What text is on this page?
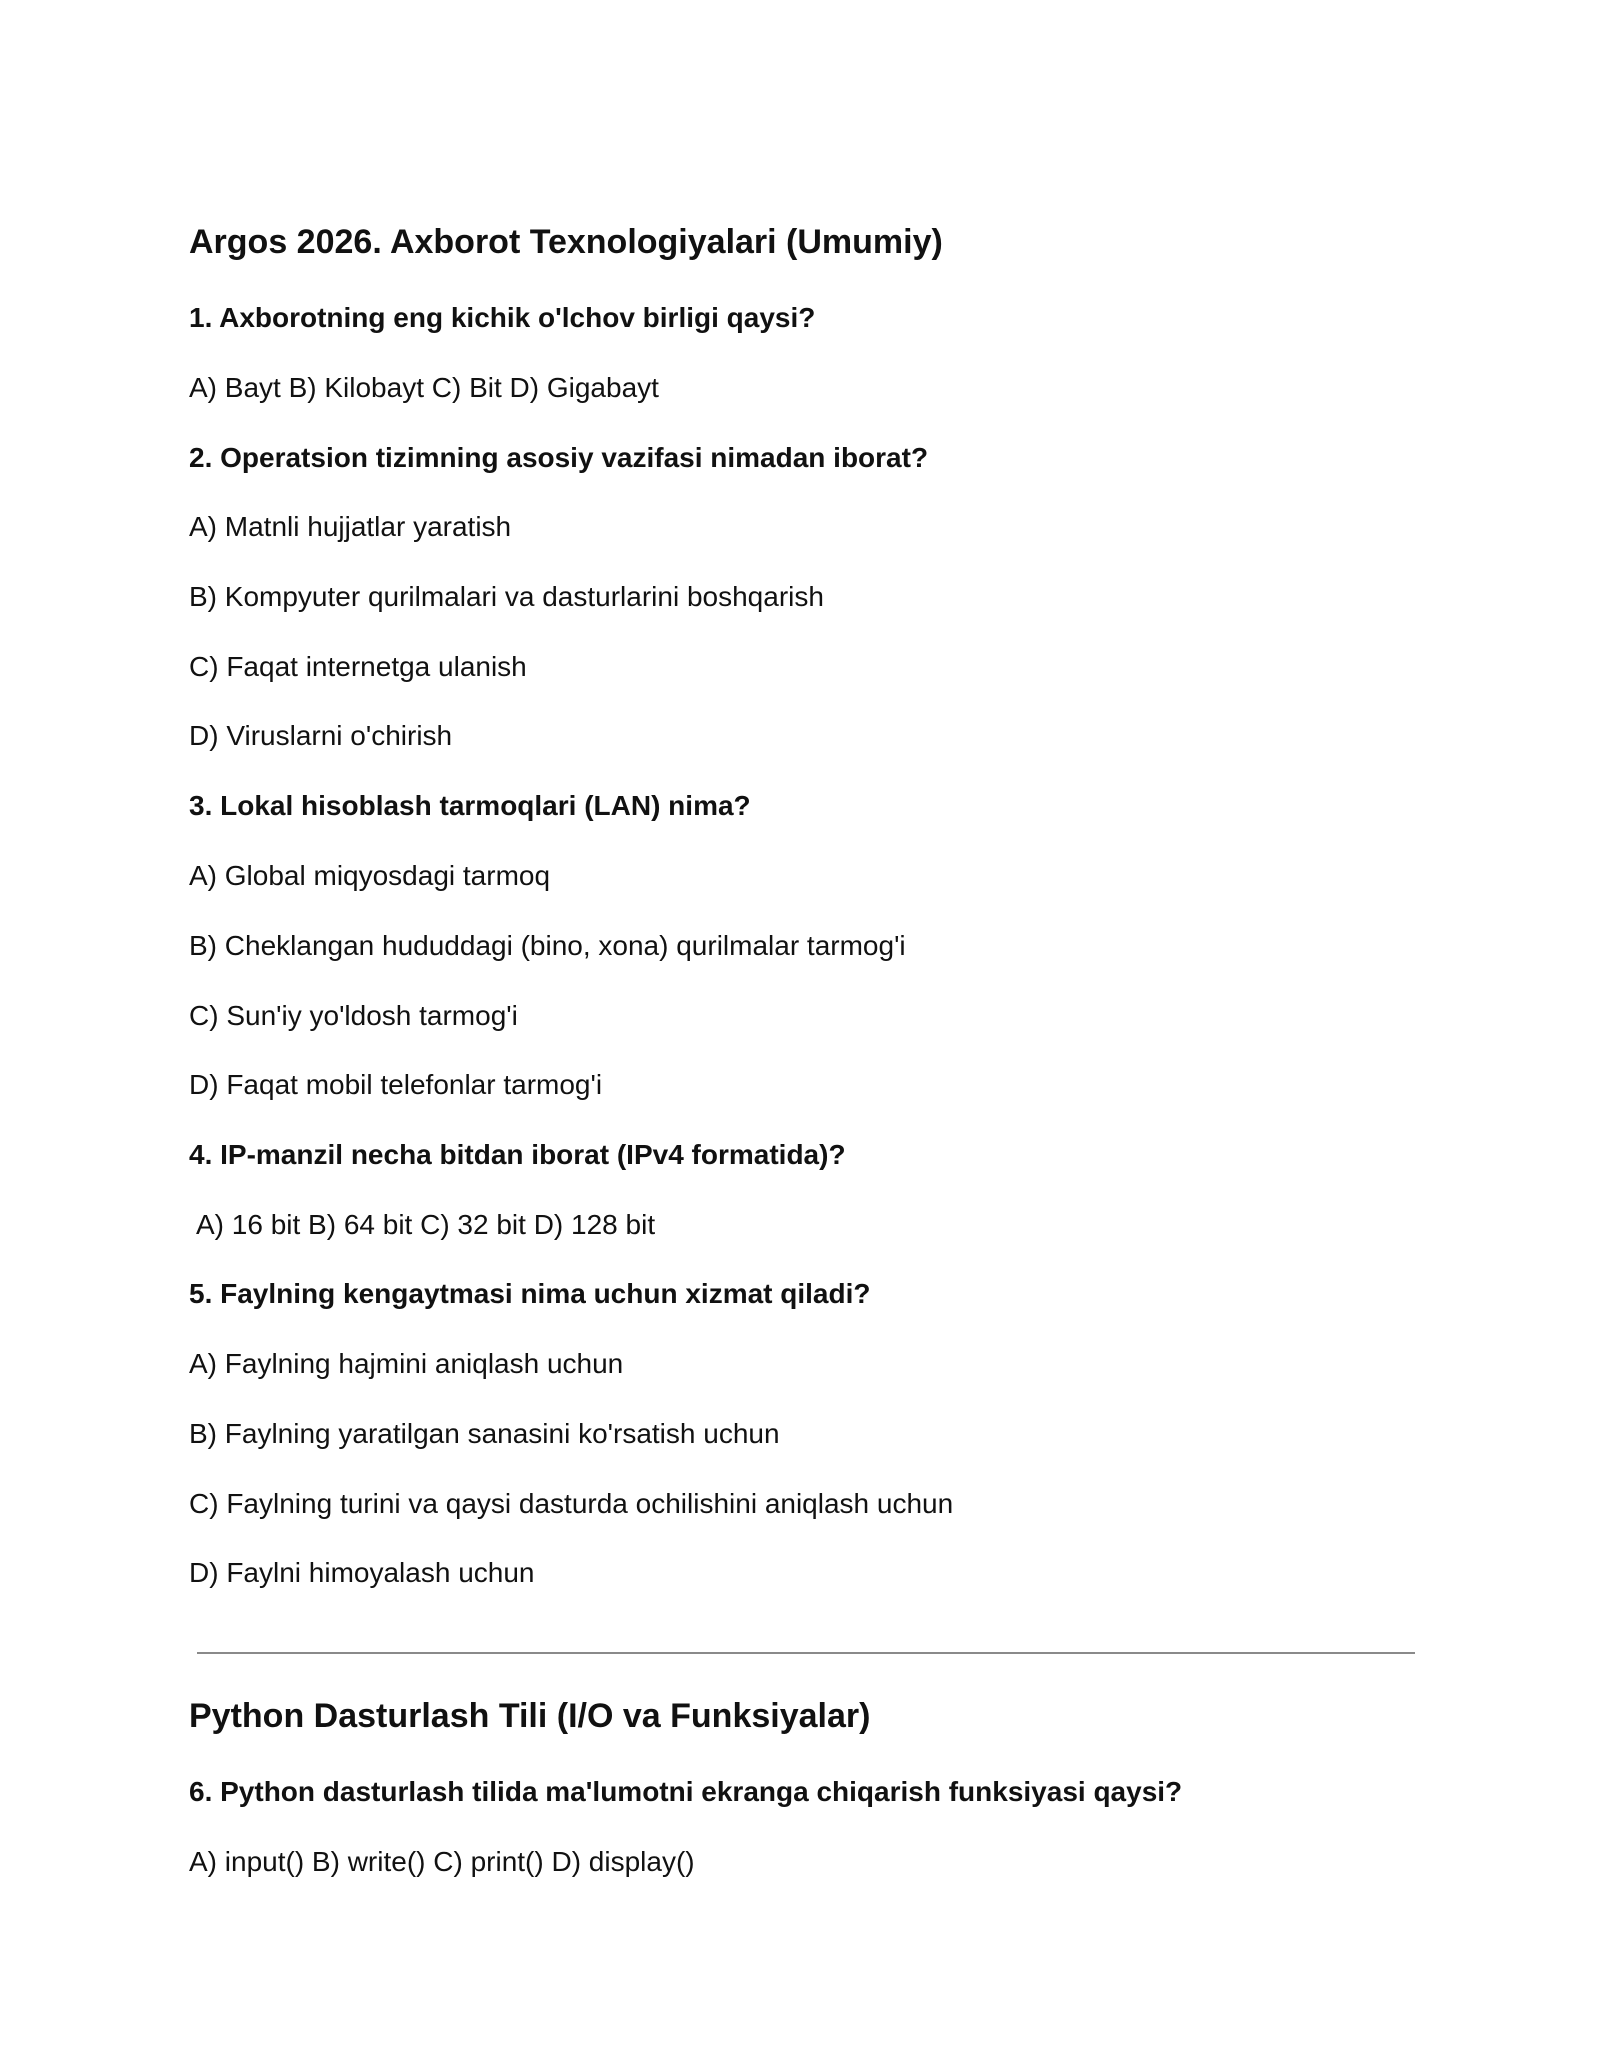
Argos 2026. Axborot Texnologiyalari (Umumiy)
1. Axborotning eng kichik o'lchov birligi qaysi?
A) Bayt B) Kilobayt C) Bit D) Gigabayt
2. Operatsion tizimning asosiy vazifasi nimadan iborat?
A) Matnli hujjatlar yaratish
B) Kompyuter qurilmalari va dasturlarini boshqarish
C) Faqat internetga ulanish
D) Viruslarni o'chirish
3. Lokal hisoblash tarmoqlari (LAN) nima?
A) Global miqyosdagi tarmoq
B) Cheklangan hududdagi (bino, xona) qurilmalar tarmog'i
C) Sun'iy yo'ldosh tarmog'i
D) Faqat mobil telefonlar tarmog'i
4. IP-manzil necha bitdan iborat (IPv4 formatida)?
A) 16 bit B) 64 bit C) 32 bit D) 128 bit
5. Faylning kengaytmasi nima uchun xizmat qiladi?
A) Faylning hajmini aniqlash uchun
B) Faylning yaratilgan sanasini ko'rsatish uchun
C) Faylning turini va qaysi dasturda ochilishini aniqlash uchun
D) Faylni himoyalash uchun
Python Dasturlash Tili (I/O va Funksiyalar)
6. Python dasturlash tilida ma'lumotni ekranga chiqarish funksiyasi qaysi?
A) input() B) write() C) print() D) display()
